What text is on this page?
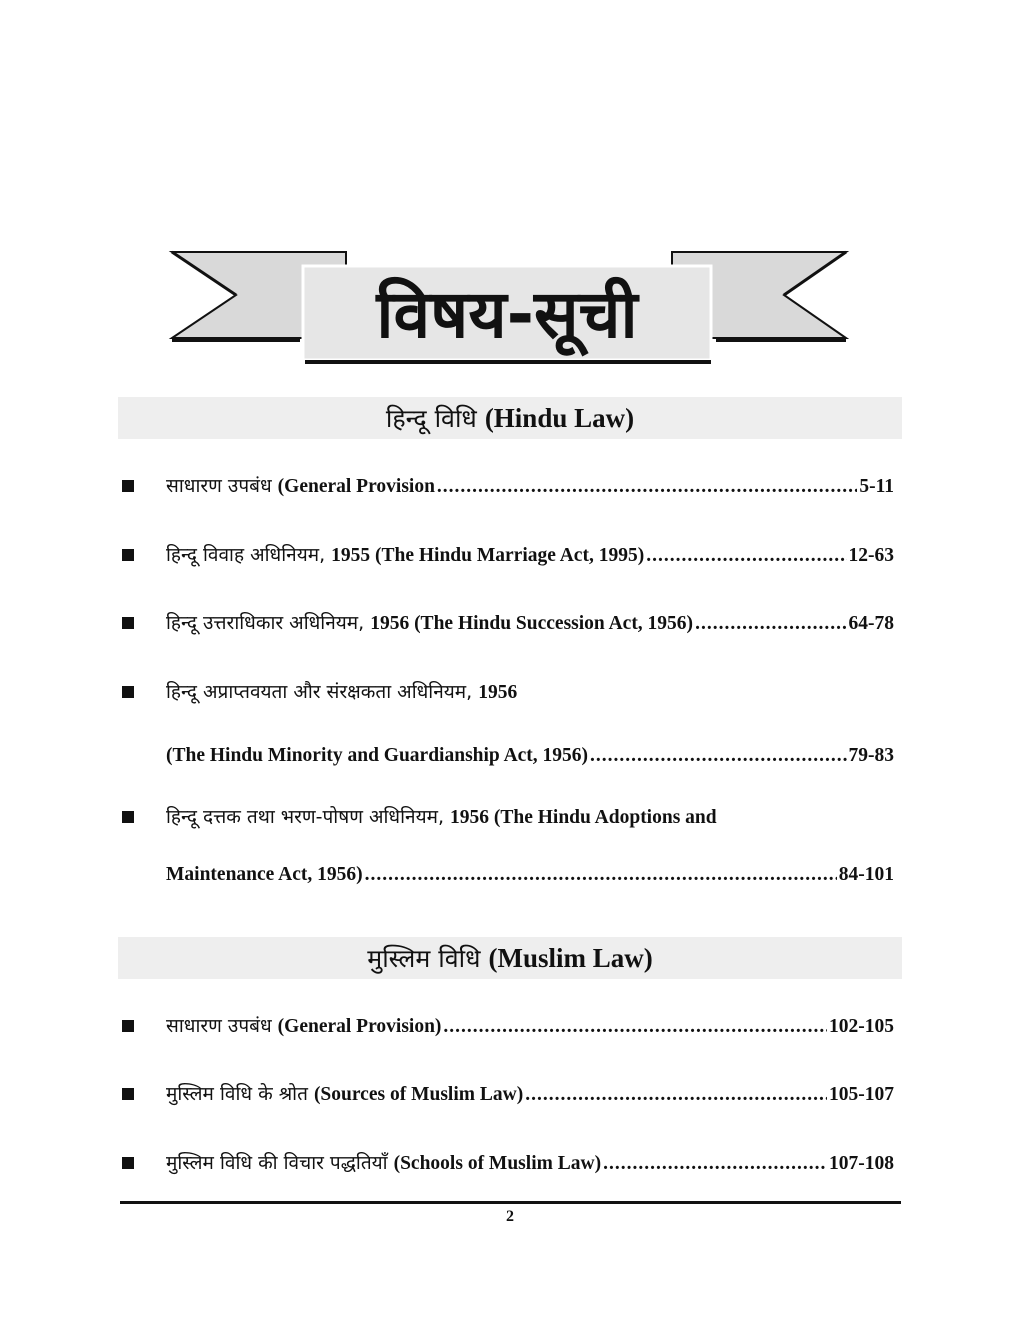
विषय-सूची
हिन्दू विधि (Hindu Law)
साधारण उपबंध (General Provision .....	5-11
हिन्दू विवाह अधिनियम, 1955 (The Hindu Marriage Act, 1995) .....	12-63
हिन्दू उत्तराधिकार अधिनियम, 1956 (The Hindu Succession Act, 1956) .....	64-78
हिन्दू अप्राप्तवयता और संरक्षकता अधिनियम, 1956
(The Hindu Minority and Guardianship Act, 1956) .....	79-83
हिन्दू दत्तक तथा भरण-पोषण अधिनियम, 1956 (The Hindu Adoptions and
Maintenance Act, 1956) .....	84-101
मुस्लिम विधि (Muslim Law)
साधारण उपबंध (General Provision) .....	102-105
मुस्लिम विधि के श्रोत (Sources of Muslim Law) .....	105-107
मुस्लिम विधि की विचार पद्धतियाँ (Schools of Muslim Law) .....	107-108
2
